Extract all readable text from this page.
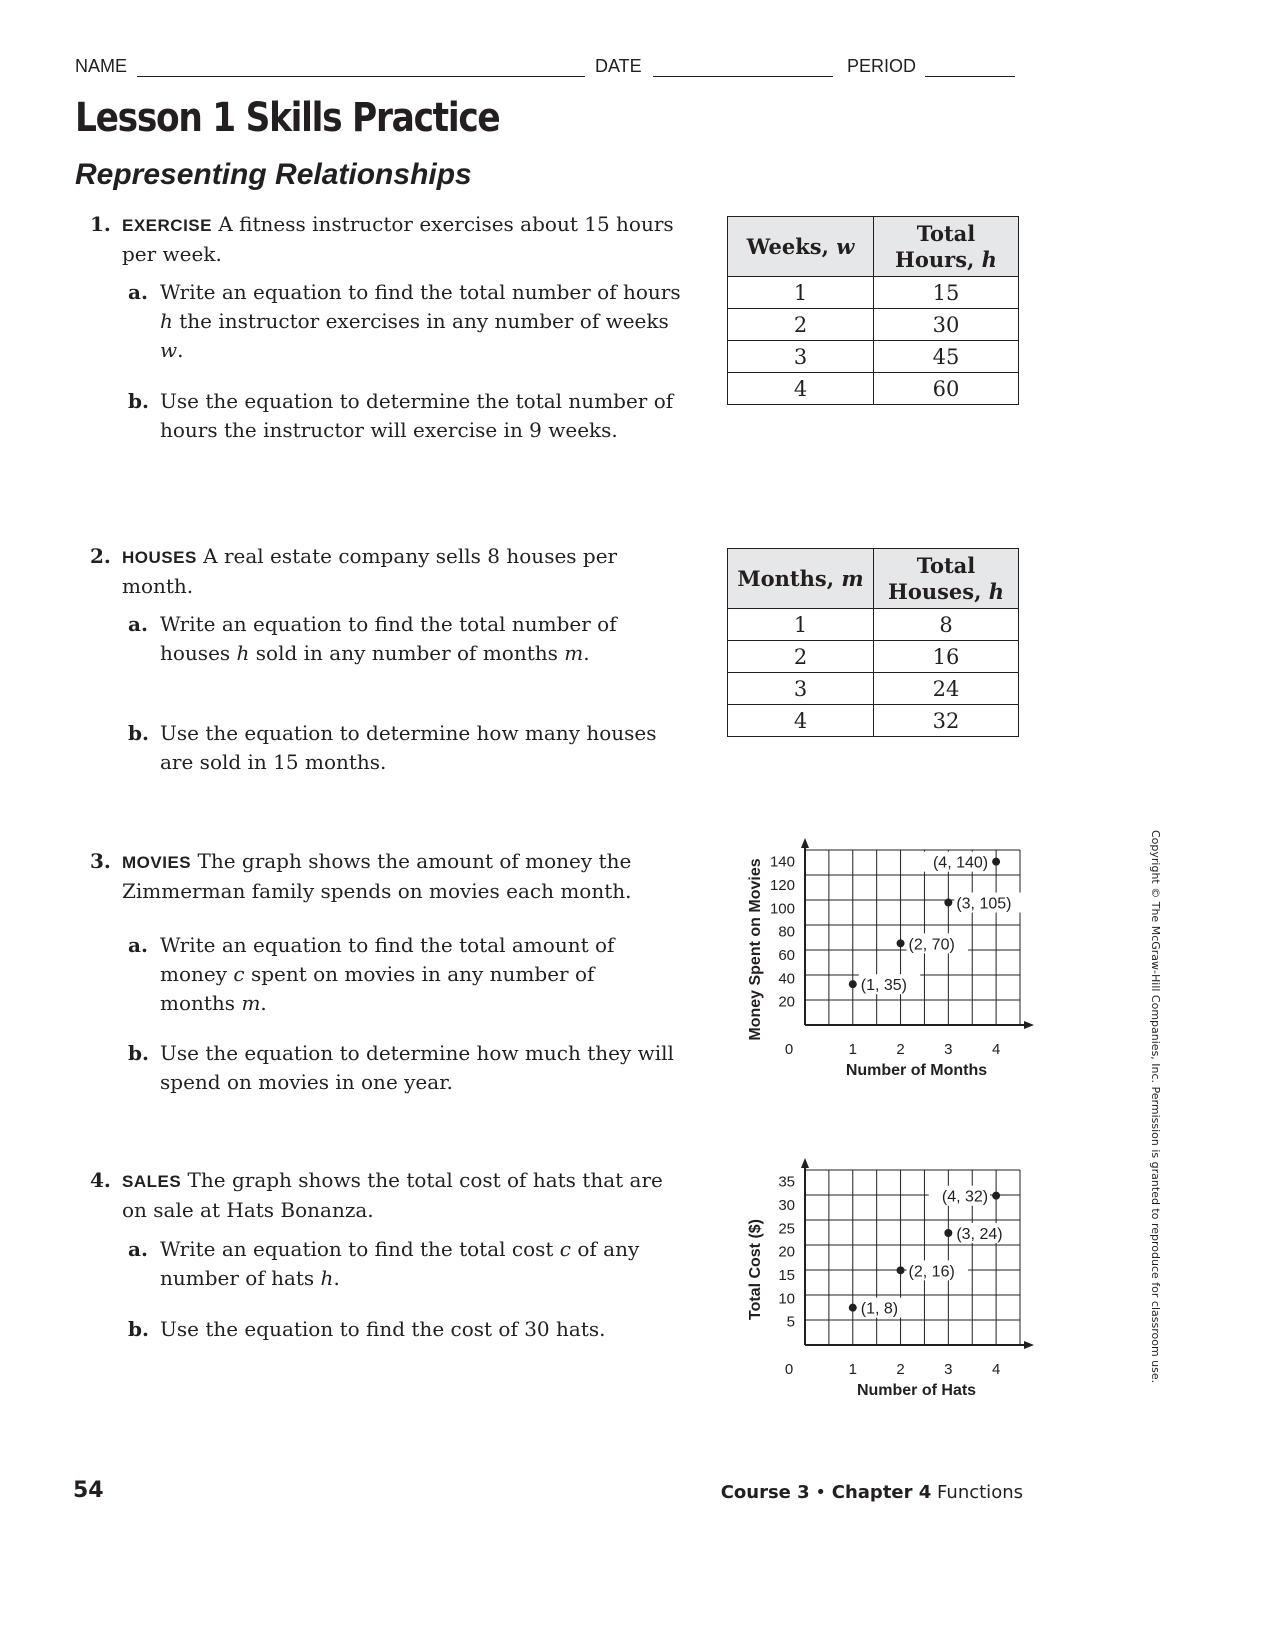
NAME	DATE	PERIOD
Lesson 1 Skills Practice
Representing Relationships
1. EXERCISE A fitness instructor exercises about 15 hours per week.
a. Write an equation to find the total number of hours h the instructor exercises in any number of weeks w.
b. Use the equation to determine the total number of hours the instructor will exercise in 9 weeks.
Weeks, w	Total Hours, h
1	15
2	30
3	45
4	60
2. HOUSES A real estate company sells 8 houses per month.
a. Write an equation to find the total number of houses h sold in any number of months m.
b. Use the equation to determine how many houses are sold in 15 months.
Months, m	Total Houses, h
1	8
2	16
3	24
4	32
3. MOVIES The graph shows the amount of money the Zimmerman family spends on movies each month.
a. Write an equation to find the total amount of money c spent on movies in any number of months m.
b. Use the equation to determine how much they will spend on movies in one year.
0	1	2	3	4
20
40
60
80
100
120
140
Number of Months
Money Spent on Movies	(1, 35)
(2, 70)
(3, 105)
(4, 140)
4. SALES The graph shows the total cost of hats that are on sale at Hats Bonanza.
a. Write an equation to find the total cost c of any number of hats h.
b. Use the equation to find the cost of 30 hats.
0	1	2	3	4
5
10
15
20
25
30
35
Number of Hats
Total Cost ($)	(1, 8)
(2, 16)
(3, 24)
(4, 32)
54	Course 3 • Chapter 4 Functions
Copyright © The McGraw-Hill Companies, Inc. Permission is granted to reproduce for classroom use.
